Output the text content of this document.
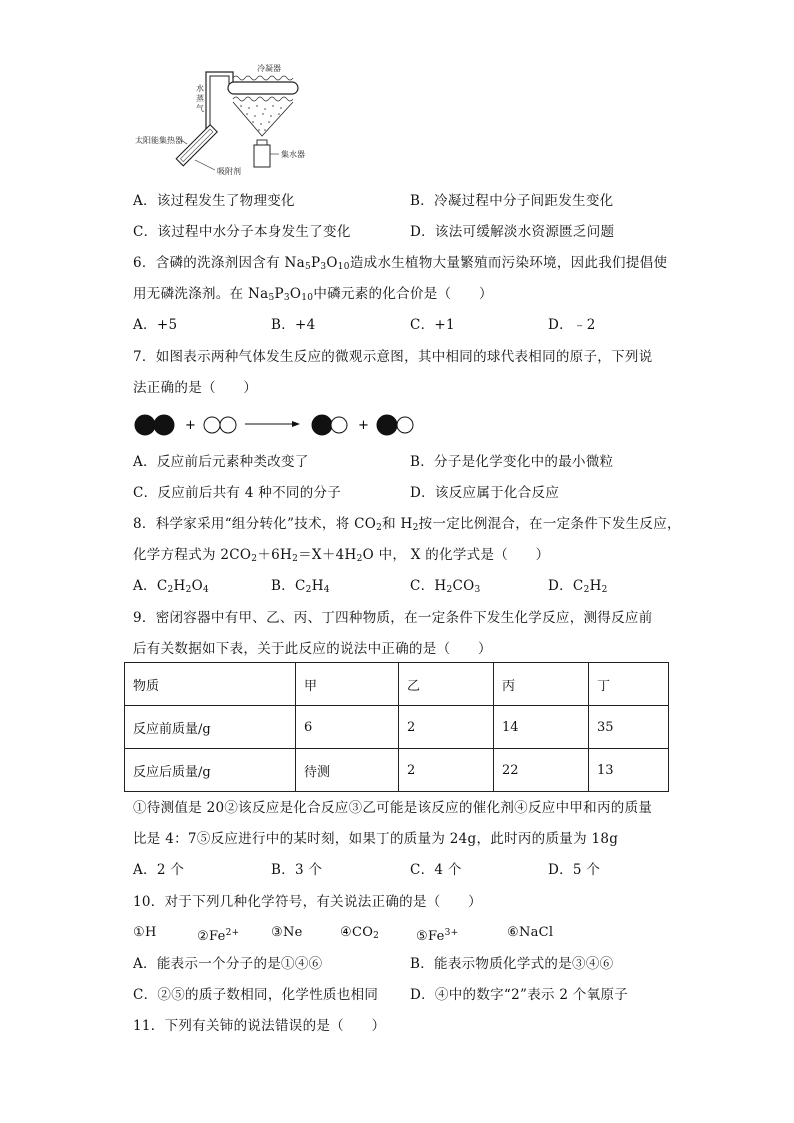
冷凝器
水
蒸
气
太阳能集热器
吸附剂
集水器
A．该过程发生了物理变化	B．冷凝过程中分子间距发生变化
C．该过程中水分子本身发生了变化	D．该法可缓解淡水资源匮乏问题
6．含磷的洗涤剂因含有 $Na_5P_3O_{10}$造成水生植物大量繁殖而污染环境，因此我们提倡使
用无磷洗涤剂。在 $Na_5P_3O_{10}$中磷元素的化合价是（　　）
A．+5	B．+4	C．+1	D．﹣2
7．如图表示两种气体发生反应的微观示意图，其中相同的球代表相同的原子，下列说
法正确的是（　　）
+	+
A．反应前后元素种类改变了	B．分子是化学变化中的最小微粒
C．反应前后共有 4 种不同的分子	D．该反应属于化合反应
8．科学家采用“组分转化”技术，将 $CO_2$和 $H_2$按一定比例混合，在一定条件下发生反应，
化学方程式为 $2CO_2+6H_2=X+4H_2O$ 中， X 的化学式是（　　）
A．$C_2H_2O_4$	B．$C_2H_4$	C．$H_2CO_3$	D．$C_2H_2$
9．密闭容器中有甲、乙、丙、丁四种物质，在一定条件下发生化学反应，测得反应前
后有关数据如下表，关于此反应的说法中正确的是（　　）
物质	甲	乙	丙	丁
反应前质量/g	6	2	14	35
反应后质量/g	待测	2	22	13
①待测值是 20②该反应是化合反应③乙可能是该反应的催化剂④反应中甲和丙的质量
比是 4：7⑤反应进行中的某时刻，如果丁的质量为 24g，此时丙的质量为 18g
A．2 个	B．3 个	C．4 个	D．5 个
10．对于下列几种化学符号，有关说法正确的是（　　）
①H	$②Fe^{2+}$ ③Ne	$④CO_2$	$⑤Fe^{3+}$	⑥NaCl
A．能表示一个分子的是①④⑥	B．能表示物质化学式的是③④⑥
C．②⑤的质子数相同，化学性质也相同 D．④中的数字“2”表示 2 个氧原子
11．下列有关铈的说法错误的是（　　）
